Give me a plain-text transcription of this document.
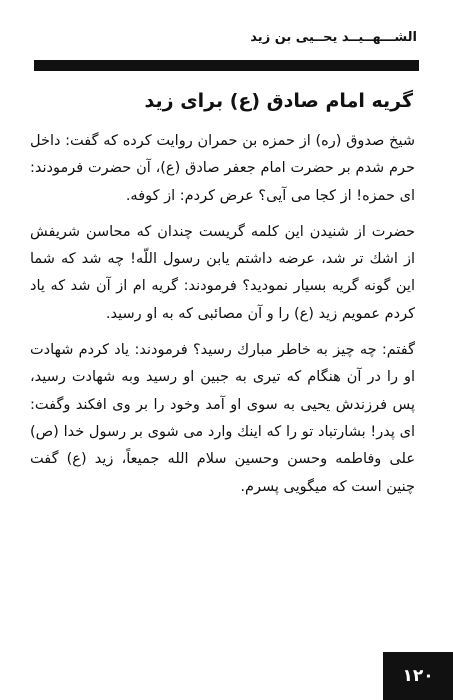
الشـــهــيــد يحــيى بن زيد
گريه امام صادق (ع) براى زيد

شيخ صدوق (ره) از حمزه بن حمران روايت كرده كه گفت: داخل حرم شدم بر حضرت امام جعفر صادق (ع)، آن حضرت فرمودند: اى حمزه! از كجا مى آيى؟ عرض كردم: از كوفه.

حضرت از شنيدن اين كلمه گريست چندان كه محاسن شريفش از اشك تر شد، عرضه داشتم يابن رسول اللّه! چه شد كه شما اين گونه گريه بسيار نموديد؟ فرمودند: گريه ام از آن شد كه ياد كردم عمويم زيد (ع) را و آن مصائبى كه به او رسيد.

گفتم: چه چيز به خاطر مبارك رسيد؟ فرمودند: ياد كردم شهادت او را در آن هنگام كه تيرى به جبين او رسيد وبه شهادت رسيد، پس فرزندش يحيى به سوى او آمد وخود را بر وى افكند وگفت: اى پدر! بشارتباد تو را كه اينك وارد مى شوى بر رسول خدا (ص) على وفاطمه وحسن وحسين سلام الله جميعاً، زيد (ع) گفت چنين است كه ميگويى پسرم.

١٢٠
